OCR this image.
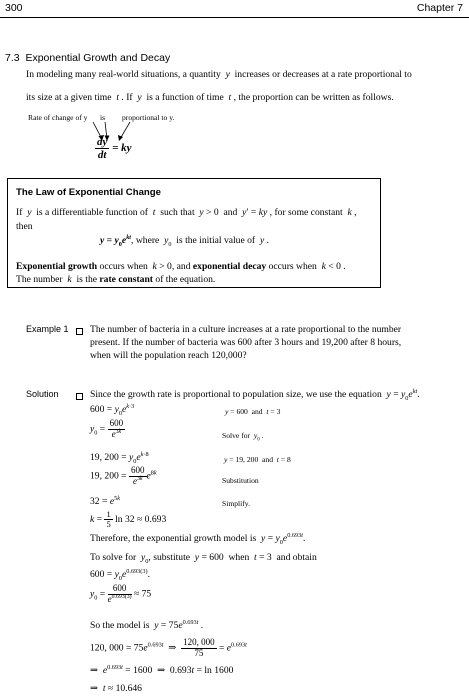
300	Chapter 7
7.3 Exponential Growth and Decay
In modeling many real-world situations, a quantity y increases or decreases at a rate proportional to
its size at a given time t . If y is a function of time t , the proportion can be written as follows.
Rate of change of y is proportional to y.
$\frac{dy}{dt}$ = ky
The Law of Exponential Change
If y is a differentiable function of t such that y > 0  and y′ = ky , for some constant k ,
then
$y = y_0e^{kt}$, where $y_0$ is the initial value of y .
Exponential growth occurs when k > 0, and exponential decay occurs when k < 0 .
The number k is the rate constant of the equation.
Example 1 The number of bacteria in a culture increases at a rate proportional to the number
present. If the number of bacteria was 600 after 3 hours and 19,200 after 8 hours,
when will the population reach 120,000?
Solution	Since the growth rate is proportional to population size, we use the equation $y = y_0e^{kt}$.
$600 = y_0e^{k\cdot 3}$
y = 600  and  t = 3
$y_0 = \frac{600}{e^{3k}}$	Solve for $y_0$ .
19, $200 = y_0e^{k\cdot 8}$
y = 19, 200  and  t = 8
19, $200 = \frac{600}{e^{3k}} e^{8k}$
Substitution
$32 = e^{5k}$
Simplify.
$k = \frac{1}{5}$ ln 32 ≈ 0.693
Therefore, the exponential growth model is $y = y_0e^{0.693t}$.
To solve for $y_0$, substitute y = 600  when t = 3  and obtain
$600 = y_0e^{0.693(3)}$.
$y_0 = \frac{600}{e^{0.693(3)}} \approx 75$
So the model is $y = 75e^{0.693t}$ .
120, $000 = 75e^{0.693t}$  ⇒ $\frac{120, 000}{75} = e^{0.693t}$
⇒  $e^{0.693t} = 1600$  ⇒  0.693t = ln 1600
⇒  t ≈ 10.646
